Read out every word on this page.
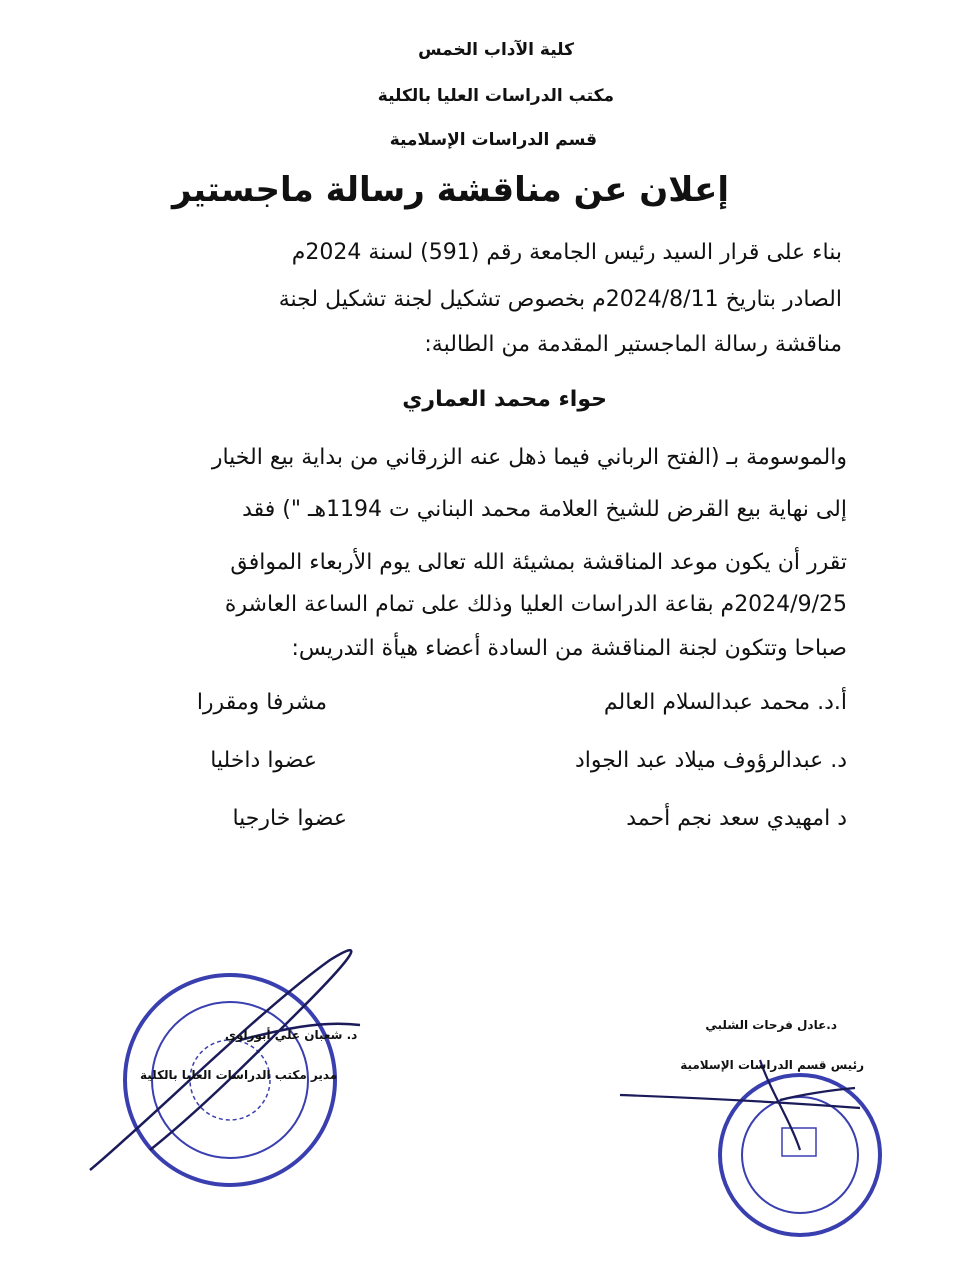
كلية الآداب الخمس
مكتب الدراسات العليا بالكلية
قسم الدراسات الإسلامية
إعلان عن مناقشة رسالة ماجستير
بناء على قرار السيد رئيس الجامعة رقم (591) لسنة 2024م
الصادر بتاريخ 2024/8/11م بخصوص تشكيل لجنة تشكيل لجنة
مناقشة رسالة الماجستير المقدمة من الطالبة:
حواء محمد العماري
والموسومة بـ (الفتح الرباني فيما ذهل عنه الزرقاني من بداية بيع الخيار
إلى نهاية بيع القرض للشيخ العلامة محمد البناني ت 1194هـ ") فقد
تقرر أن يكون موعد المناقشة بمشيئة الله تعالى يوم الأربعاء الموافق
2024/9/25م بقاعة الدراسات العليا وذلك على تمام الساعة العاشرة
صباحا وتتكون لجنة المناقشة من السادة أعضاء هيأة التدريس:
أ.د. محمد عبدالسلام العالم
مشرفا ومقررا
د. عبدالرؤوف ميلاد عبد الجواد
عضوا داخليا
د امهيدي سعد نجم أحمد
عضوا خارجيا
د. شعبان علي أبوراوي
مدير مكتب الدراسات العليا بالكلية
د.عادل فرحات الشلبي
رئيس قسم الدراسات الإسلامية
